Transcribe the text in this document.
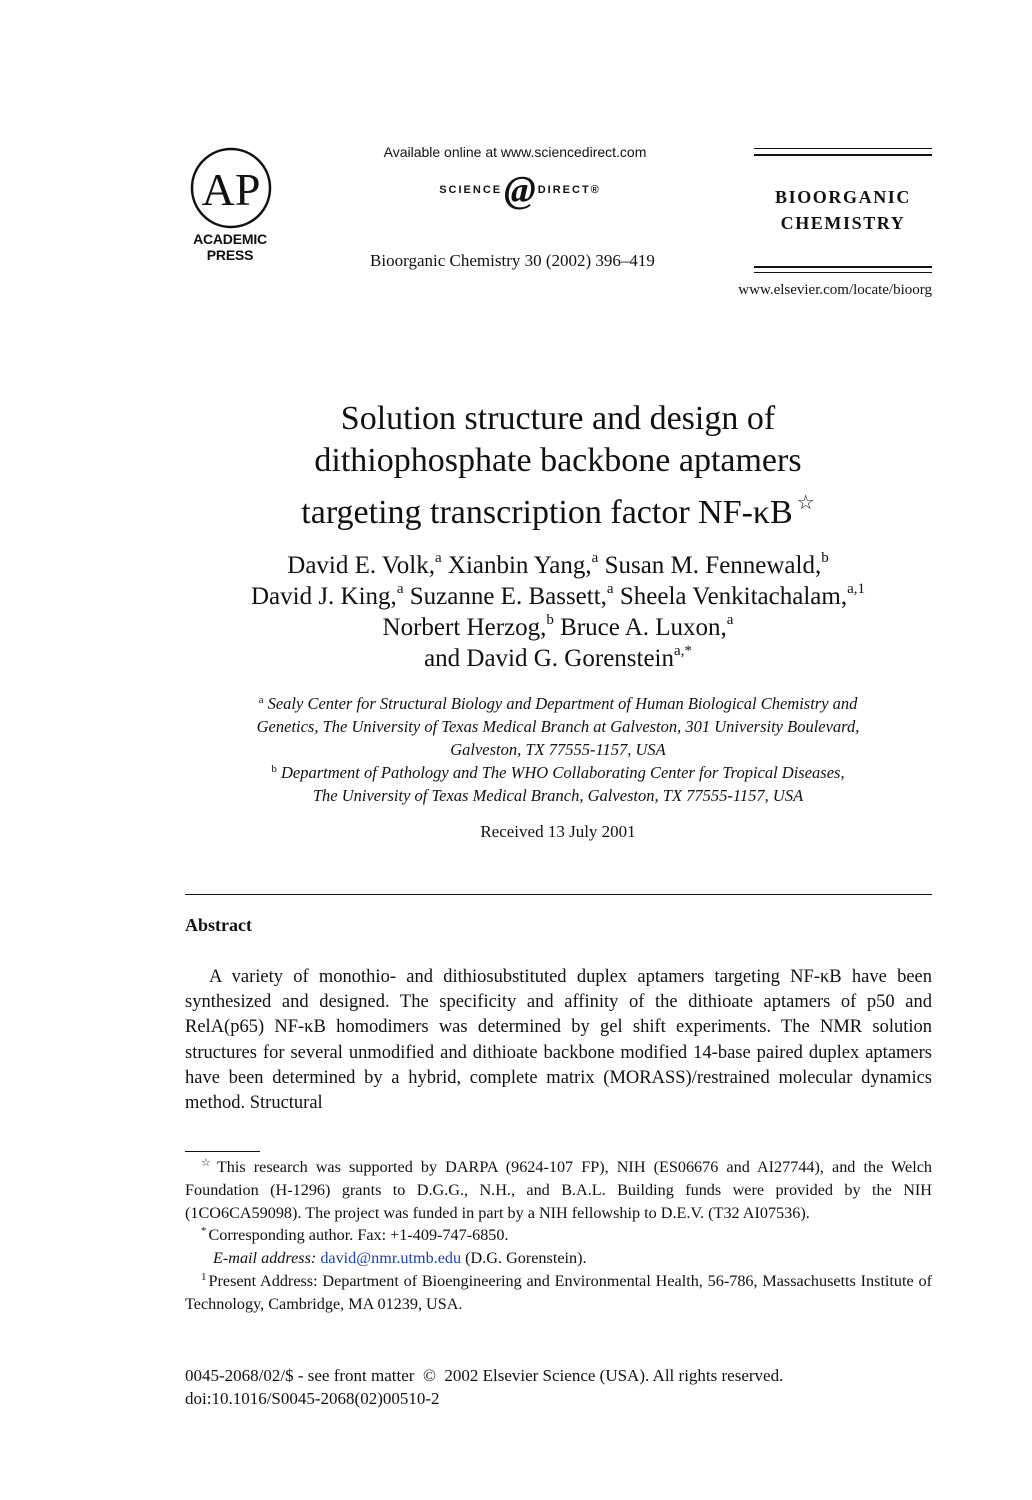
AP
ACADEMIC
PRESS
Available online at www.sciencedirect.com
SCIENCE @ DIRECT®
Bioorganic Chemistry 30 (2002) 396–419
BIOORGANIC
CHEMISTRY
www.elsevier.com/locate/bioorg
Solution structure and design of
dithiophosphate backbone aptamers
targeting transcription factor NF-κB ☆
David E. Volk,$^a$ Xianbin Yang,$^a$ Susan M. Fennewald,$^b$
David J. King,$^a$ Suzanne E. Bassett,$^a$ Sheela Venkitachalam,$^{a,1}$
Norbert Herzog,$^b$ Bruce A. Luxon,$^a$
and David G. Gorenstein$^{a,*}$
$^a$ Sealy Center for Structural Biology and Department of Human Biological Chemistry and
Genetics, The University of Texas Medical Branch at Galveston, 301 University Boulevard,
Galveston, TX 77555-1157, USA
$^b$ Department of Pathology and The WHO Collaborating Center for Tropical Diseases,
The University of Texas Medical Branch, Galveston, TX 77555-1157, USA
Received 13 July 2001
Abstract
A variety of monothio- and dithiosubstituted duplex aptamers targeting NF-κB have been synthesized and designed. The specificity and affinity of the dithioate aptamers of p50 and RelA(p65) NF-κB homodimers was determined by gel shift experiments. The NMR solution structures for several unmodified and dithioate backbone modified 14-base paired duplex aptamers have been determined by a hybrid, complete matrix (MORASS)/restrained molecular dynamics method. Structural

☆ This research was supported by DARPA (9624-107 FP), NIH (ES06676 and AI27744), and the Welch Foundation (H-1296) grants to D.G.G., N.H., and B.A.L. Building funds were provided by the NIH (1CO6CA59098). The project was funded in part by a NIH fellowship to D.E.V. (T32 AI07536).

* Corresponding author. Fax: +1-409-747-6850.

E-mail address: david@nmr.utmb.edu (D.G. Gorenstein).

$^1$ Present Address: Department of Bioengineering and Environmental Health, 56-786, Massachusetts Institute of Technology, Cambridge, MA 01239, USA.

0045-2068/02/$ - see front matter  ©  2002 Elsevier Science (USA). All rights reserved.
doi:10.1016/S0045-2068(02)00510-2
